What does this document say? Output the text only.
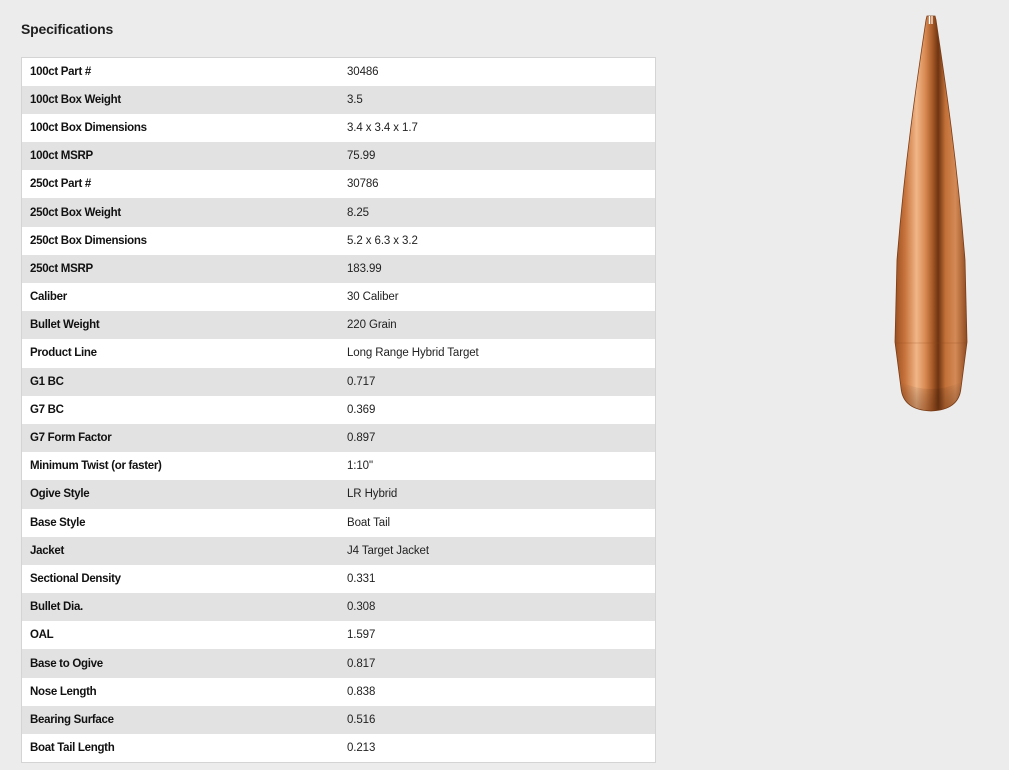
Specifications
100ct Part #	30486
100ct Box Weight	3.5
100ct Box Dimensions	3.4 x 3.4 x 1.7
100ct MSRP	75.99
250ct Part #	30786
250ct Box Weight	8.25
250ct Box Dimensions	5.2 x 6.3 x 3.2
250ct MSRP	183.99
Caliber	30 Caliber
Bullet Weight	220 Grain
Product Line	Long Range Hybrid Target
G1 BC	0.717
G7 BC	0.369
G7 Form Factor	0.897
Minimum Twist (or faster)	1:10"
Ogive Style	LR Hybrid
Base Style	Boat Tail
Jacket	J4 Target Jacket
Sectional Density	0.331
Bullet Dia.	0.308
OAL	1.597
Base to Ogive	0.817
Nose Length	0.838
Bearing Surface	0.516
Boat Tail Length	0.213
